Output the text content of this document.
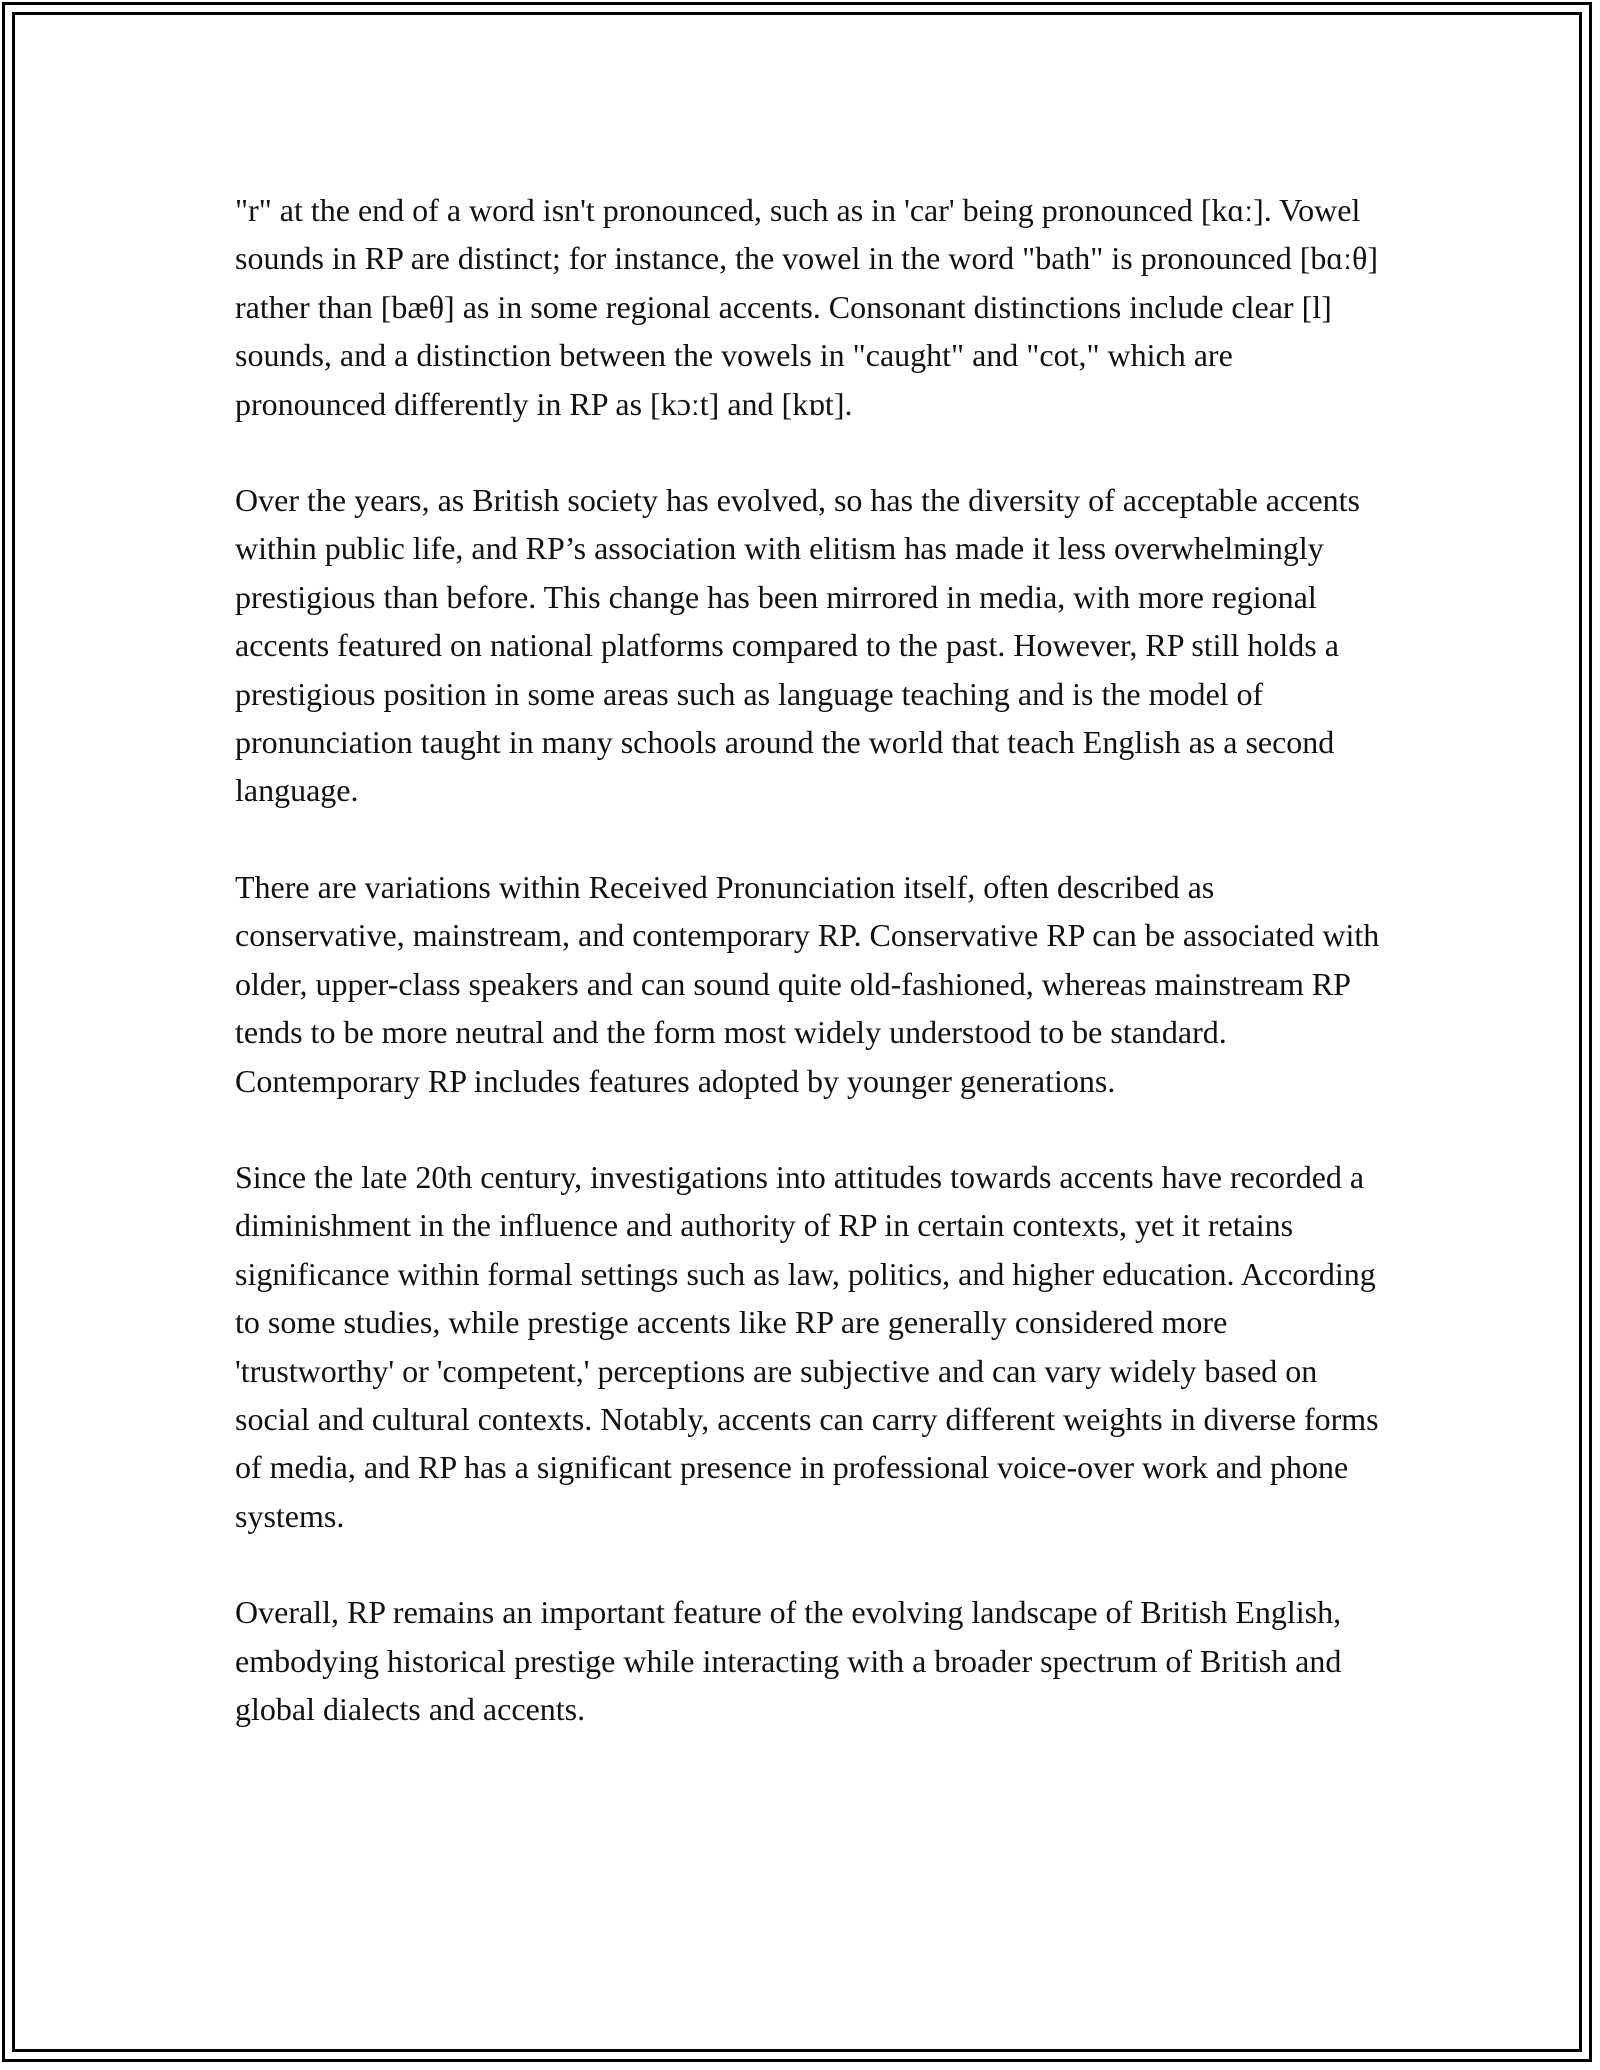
"r" at the end of a word isn't pronounced, such as in 'car' being pronounced [kɑː]. Vowel sounds in RP are distinct; for instance, the vowel in the word "bath" is pronounced [bɑːθ] rather than [bæθ] as in some regional accents. Consonant distinctions include clear [l] sounds, and a distinction between the vowels in "caught" and "cot," which are pronounced differently in RP as [kɔːt] and [kɒt].

Over the years, as British society has evolved, so has the diversity of acceptable accents within public life, and RP’s association with elitism has made it less overwhelmingly prestigious than before. This change has been mirrored in media, with more regional accents featured on national platforms compared to the past. However, RP still holds a prestigious position in some areas such as language teaching and is the model of pronunciation taught in many schools around the world that teach English as a second language.

There are variations within Received Pronunciation itself, often described as conservative, mainstream, and contemporary RP. Conservative RP can be associated with older, upper-class speakers and can sound quite old-fashioned, whereas mainstream RP tends to be more neutral and the form most widely understood to be standard. Contemporary RP includes features adopted by younger generations.

Since the late 20th century, investigations into attitudes towards accents have recorded a diminishment in the influence and authority of RP in certain contexts, yet it retains significance within formal settings such as law, politics, and higher education. According to some studies, while prestige accents like RP are generally considered more 'trustworthy' or 'competent,' perceptions are subjective and can vary widely based on social and cultural contexts. Notably, accents can carry different weights in diverse forms of media, and RP has a significant presence in professional voice-over work and phone systems.

Overall, RP remains an important feature of the evolving landscape of British English, embodying historical prestige while interacting with a broader spectrum of British and global dialects and accents.
